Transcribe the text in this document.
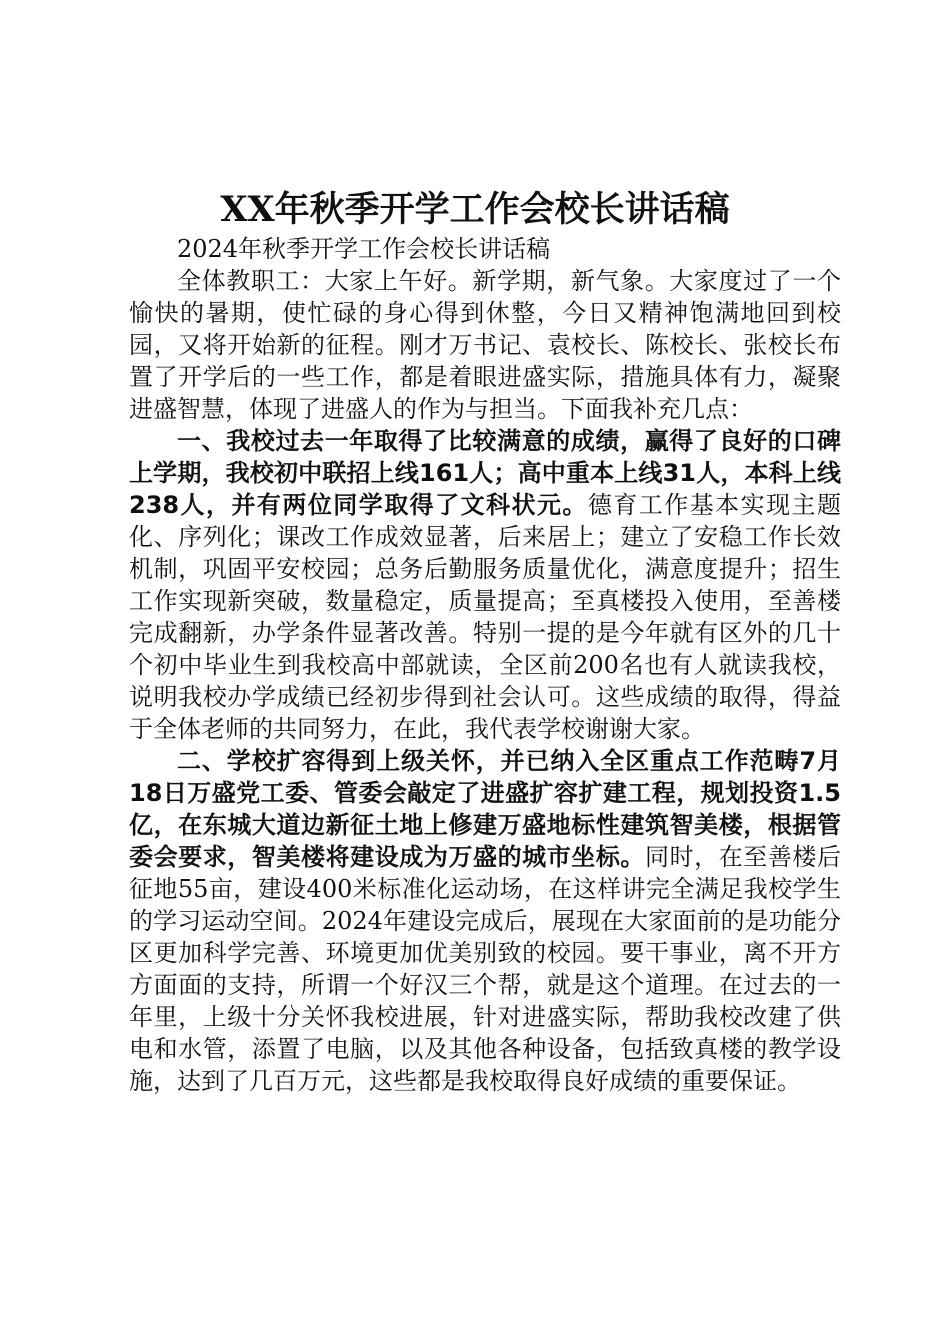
XX年秋季开学工作会校长讲话稿

2024年秋季开学工作会校长讲话稿

全体教职工：大家上午好。新学期，新气象。大家度过了一个愉快的暑期，使忙碌的身心得到休整，今日又精神饱满地回到校园，又将开始新的征程。刚才万书记、袁校长、陈校长、张校长布置了开学后的一些工作，都是着眼进盛实际，措施具体有力，凝聚进盛智慧，体现了进盛人的作为与担当。下面我补充几点：

一、我校过去一年取得了比较满意的成绩，赢得了良好的口碑上学期，我校初中联招上线161人；高中重本上线31人，本科上线238人，并有两位同学取得了文科状元。德育工作基本实现主题化、序列化；课改工作成效显著，后来居上；建立了安稳工作长效机制，巩固平安校园；总务后勤服务质量优化，满意度提升；招生工作实现新突破，数量稳定，质量提高；至真楼投入使用，至善楼完成翻新，办学条件显著改善。特别一提的是今年就有区外的几十个初中毕业生到我校高中部就读，全区前200名也有人就读我校，说明我校办学成绩已经初步得到社会认可。这些成绩的取得，得益于全体老师的共同努力，在此，我代表学校谢谢大家。

二、学校扩容得到上级关怀，并已纳入全区重点工作范畴7月18日万盛党工委、管委会敲定了进盛扩容扩建工程，规划投资1.5亿，在东城大道边新征土地上修建万盛地标性建筑智美楼，根据管委会要求，智美楼将建设成为万盛的城市坐标。同时，在至善楼后征地55亩，建设400米标准化运动场，在这样讲完全满足我校学生的学习运动空间。2024年建设完成后，展现在大家面前的是功能分区更加科学完善、环境更加优美别致的校园。要干事业，离不开方方面面的支持，所谓一个好汉三个帮，就是这个道理。在过去的一年里，上级十分关怀我校进展，针对进盛实际，帮助我校改建了供电和水管，添置了电脑，以及其他各种设备，包括致真楼的教学设施，达到了几百万元，这些都是我校取得良好成绩的重要保证。
